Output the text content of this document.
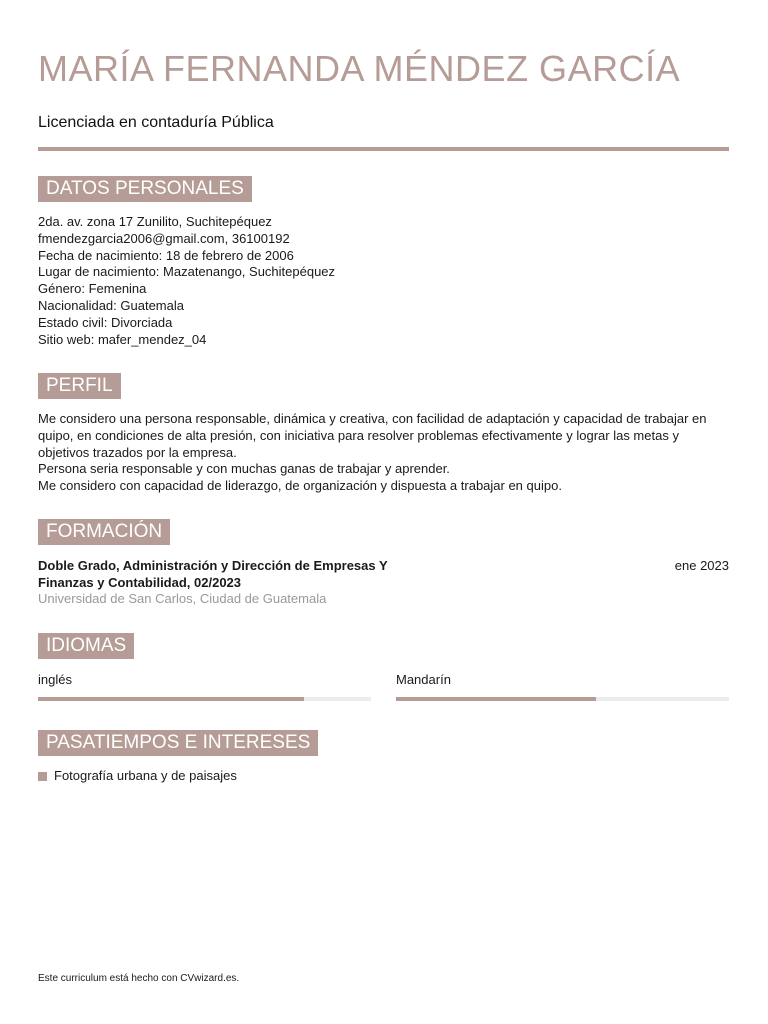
MARÍA FERNANDA MÉNDEZ GARCÍA
Licenciada en contaduría Pública
DATOS PERSONALES
2da. av. zona 17 Zunilito, Suchitepéquez
fmendezgarcia2006@gmail.com, 36100192
Fecha de nacimiento: 18 de febrero de 2006
Lugar de nacimiento: Mazatenango, Suchitepéquez
Género: Femenina
Nacionalidad: Guatemala
Estado civil: Divorciada
Sitio web: mafer_mendez_04
PERFIL
Me considero una persona responsable, dinámica y creativa, con facilidad de adaptación y capacidad de trabajar en quipo, en condiciones de alta presión, con iniciativa para resolver problemas efectivamente y lograr las metas y objetivos trazados por la empresa.
Persona seria responsable y con muchas ganas de trabajar y aprender.
Me considero con capacidad de liderazgo, de organización y dispuesta a trabajar en quipo.
FORMACIÓN
Doble Grado, Administración y Dirección de Empresas Y Finanzas y Contabilidad, 02/2023
ene 2023
Universidad de San Carlos, Ciudad de Guatemala
IDIOMAS
inglés	Mandarín
PASATIEMPOS E INTERESES
Fotografía urbana y de paisajes
Este curriculum está hecho con CVwizard.es.
